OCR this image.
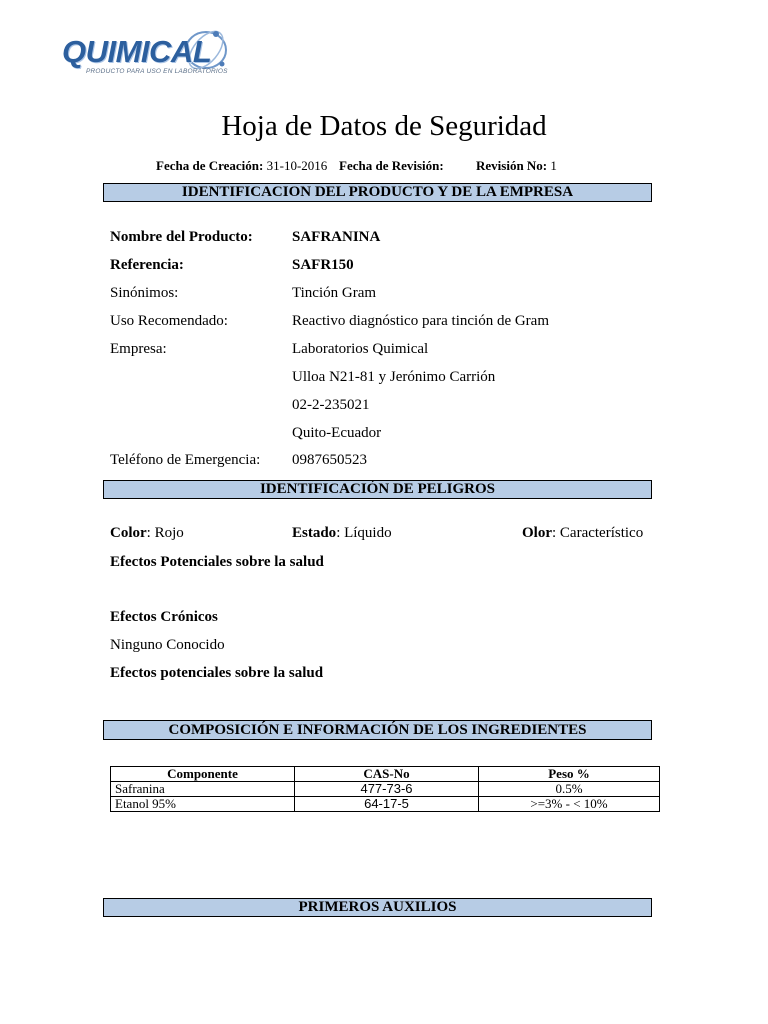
QUIMICAL
PRODUCTO PARA USO EN LABORATORIOS
Hoja de Datos de Seguridad
Fecha de Creación: 31-10-2016 Fecha de Revisión: Revisión No: 1
IDENTIFICACION DEL PRODUCTO Y DE LA EMPRESA
Nombre del Producto:	SAFRANINA
Referencia:	SAFR150
Sinónimos:	Tinción Gram
Uso Recomendado:	Reactivo diagnóstico para tinción de Gram
Empresa:	Laboratorios Quimical
Ulloa N21-81 y Jerónimo Carrión
02-2-235021
Quito-Ecuador
Teléfono de Emergencia: 0987650523
IDENTIFICACIÓN DE PELIGROS
Color: Rojo	Estado: Líquido	Olor: Característico
Efectos Potenciales sobre la salud
Efectos Crónicos
Ninguno Conocido
Efectos potenciales sobre la salud
COMPOSICIÓN E INFORMACIÓN DE LOS INGREDIENTES
Componente	CAS-No	Peso %
Safranina	477-73-6	0.5%
Etanol 95%	64-17-5	>=3% - < 10%
PRIMEROS AUXILIOS
